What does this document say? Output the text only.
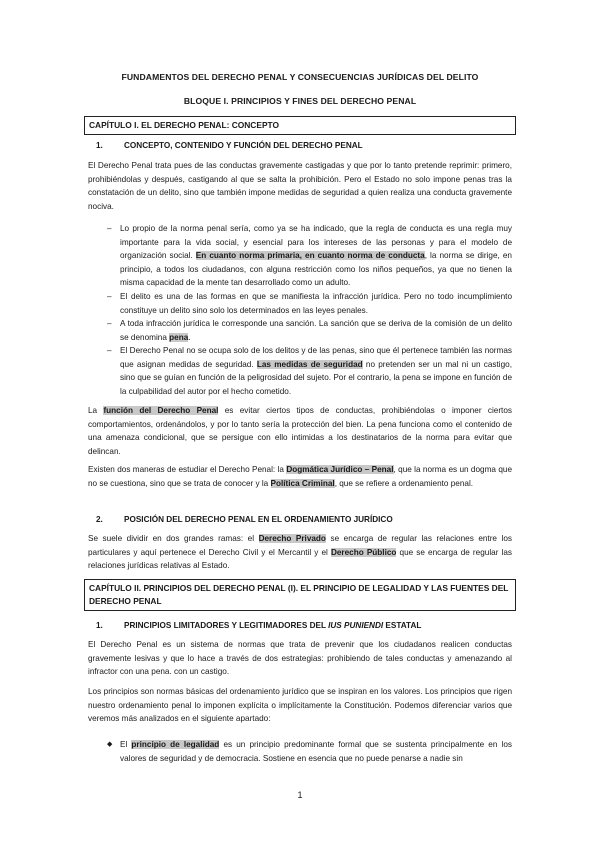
FUNDAMENTOS DEL DERECHO PENAL Y CONSECUENCIAS JURÍDICAS DEL DELITO
BLOQUE I. PRINCIPIOS Y FINES DEL DERECHO PENAL
CAPÍTULO I. EL DERECHO PENAL: CONCEPTO
1.	CONCEPTO, CONTENIDO Y FUNCIÓN DEL DERECHO PENAL
El Derecho Penal trata pues de las conductas gravemente castigadas y que por lo tanto pretende reprimir: primero, prohibiéndolas y después, castigando al que se salta la prohibición. Pero el Estado no solo impone penas tras la constatación de un delito, sino que también impone medidas de seguridad a quien realiza una conducta gravemente nociva.
– Lo propio de la norma penal sería, como ya se ha indicado, que la regla de conducta es una regla muy importante para la vida social, y esencial para los intereses de las personas y para el modelo de organización social. En cuanto norma primaria, en cuanto norma de conducta, la norma se dirige, en principio, a todos los ciudadanos, con alguna restricción como los niños pequeños, ya que no tienen la misma capacidad de la mente tan desarrollado como un adulto.
– El delito es una de las formas en que se manifiesta la infracción jurídica. Pero no todo incumplimiento constituye un delito sino solo los determinados en las leyes penales.
– A toda infracción jurídica le corresponde una sanción. La sanción que se deriva de la comisión de un delito se denomina pena.
– El Derecho Penal no se ocupa solo de los delitos y de las penas, sino que él pertenece también las normas que asignan medidas de seguridad. Las medidas de seguridad no pretenden ser un mal ni un castigo, sino que se guían en función de la peligrosidad del sujeto. Por el contrario, la pena se impone en función de la culpabilidad del autor por el hecho cometido.
La función del Derecho Penal es evitar ciertos tipos de conductas, prohibiéndolas o imponer ciertos comportamientos, ordenándolos, y por lo tanto sería la protección del bien. La pena funciona como el contenido de una amenaza condicional, que se persigue con ello intimidas a los destinatarios de la norma para evitar que delincan.
Existen dos maneras de estudiar el Derecho Penal: la Dogmática Jurídico – Penal, que la norma es un dogma que no se cuestiona, sino que se trata de conocer y la Política Criminal, que se refiere a ordenamiento penal.
2.	POSICIÓN DEL DERECHO PENAL EN EL ORDENAMIENTO JURÍDICO
Se suele dividir en dos grandes ramas: el Derecho Privado se encarga de regular las relaciones entre los particulares y aquí pertenece el Derecho Civil y el Mercantil y el Derecho Público que se encarga de regular las relaciones jurídicas relativas al Estado.
CAPÍTULO II. PRINCIPIOS DEL DERECHO PENAL (I). EL PRINCIPIO DE LEGALIDAD Y LAS FUENTES DEL DERECHO PENAL
1.	PRINCIPIOS LIMITADORES Y LEGITIMADORES DEL IUS PUNIENDI ESTATAL
El Derecho Penal es un sistema de normas que trata de prevenir que los ciudadanos realicen conductas gravemente lesivas y que lo hace a través de dos estrategias: prohibiendo de tales conductas y amenazando al infractor con una pena. con un castigo.
Los principios son normas básicas del ordenamiento jurídico que se inspiran en los valores. Los principios que rigen nuestro ordenamiento penal lo imponen explícita o implícitamente la Constitución. Podemos diferenciar varios que veremos más analizados en el siguiente apartado:
◆ El principio de legalidad es un principio predominante formal que se sustenta principalmente en los valores de seguridad y de democracia. Sostiene en esencia que no puede penarse a nadie sin
1
